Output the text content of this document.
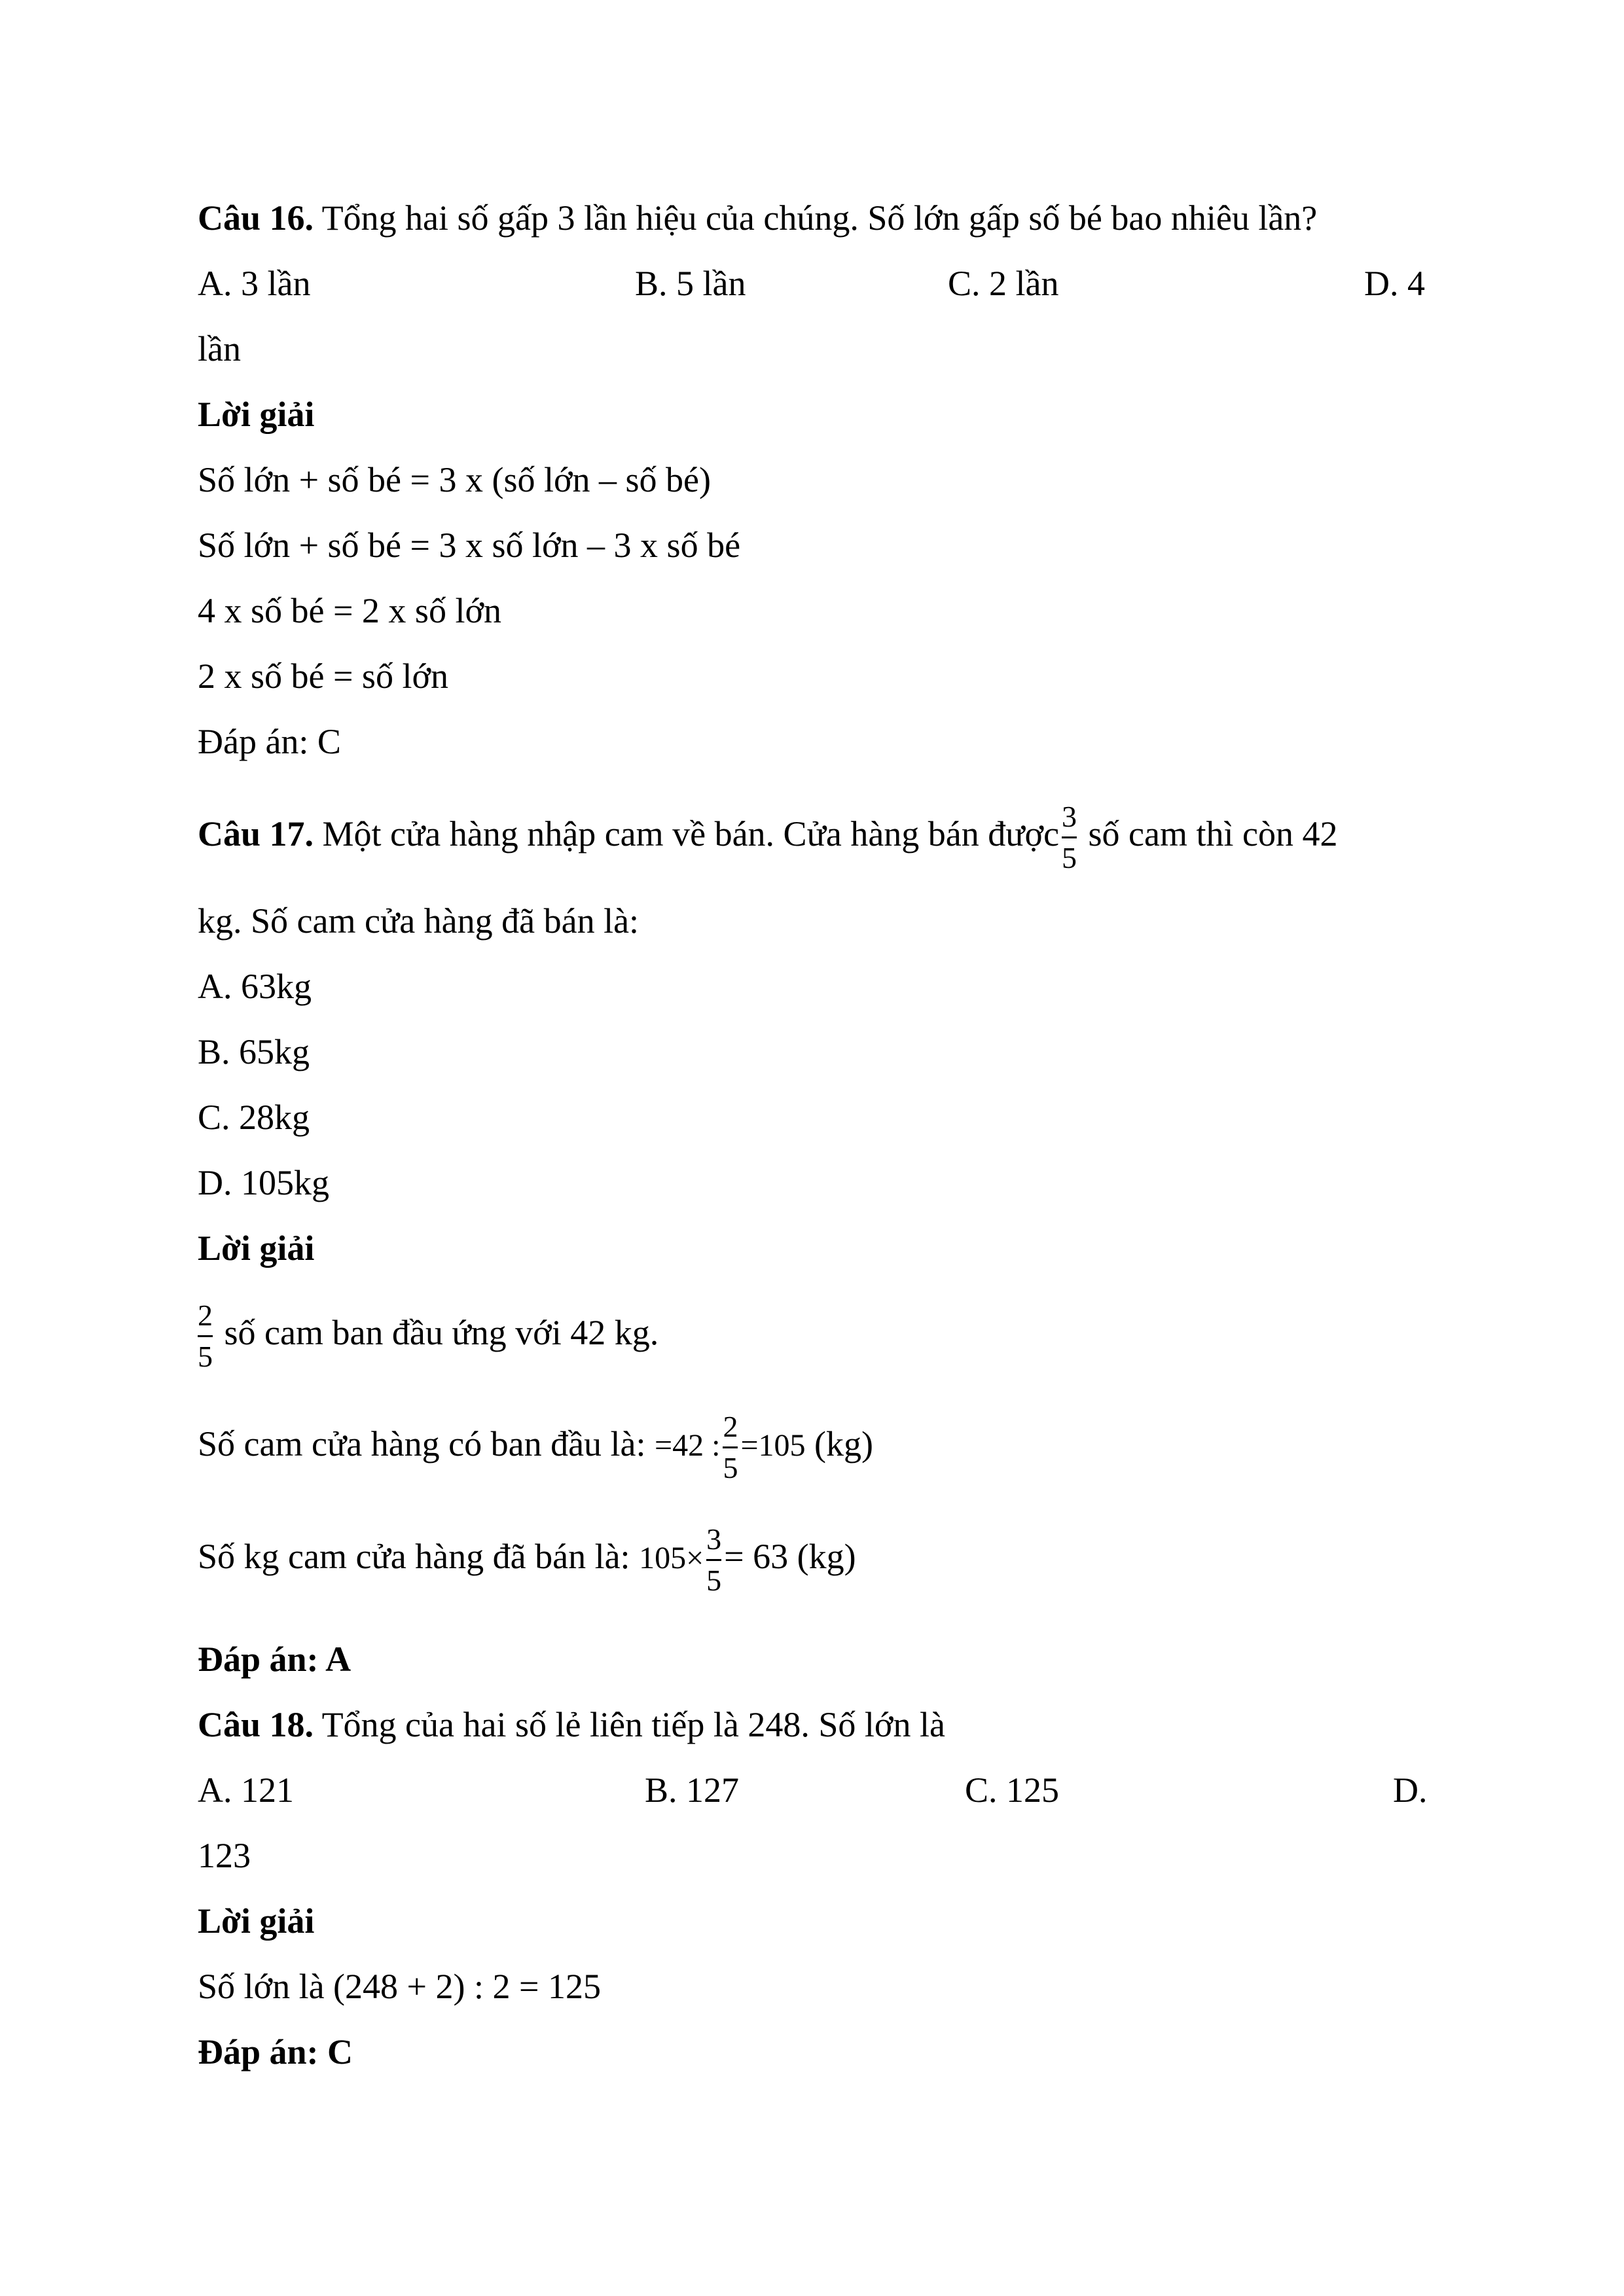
Câu 16. Tổng hai số gấp 3 lần hiệu của chúng. Số lớn gấp số bé bao nhiêu lần?
A. 3 lần	B. 5 lần	C. 2 lần	D. 4
lần
Lời giải
Số lớn + số bé = 3 x (số lớn – số bé)
Số lớn + số bé = 3 x số lớn – 3 x số bé
4 x số bé = 2 x số lớn
2 x số bé = số lớn
Đáp án: C
Câu 17. Một cửa hàng nhập cam về bán. Cửa hàng bán được $\frac{3}{5}$ số cam thì còn 42
kg. Số cam cửa hàng đã bán là:
A. 63kg
B. 65kg
C. 28kg
D. 105kg
Lời giải
$\frac{2}{5}$ số cam ban đầu ứng với 42 kg.
Số cam cửa hàng có ban đầu là: =42 : $\frac{2}{5} =105$ (kg)
Số kg cam cửa hàng đã bán là: $105\times \frac{3}{5} = 63$ (kg)
Đáp án: A
Câu 18. Tổng của hai số lẻ liên tiếp là 248. Số lớn là
A. 121	B. 127	C. 125	D.
123
Lời giải
Số lớn là (248 + 2) : 2 = 125
Đáp án: C
